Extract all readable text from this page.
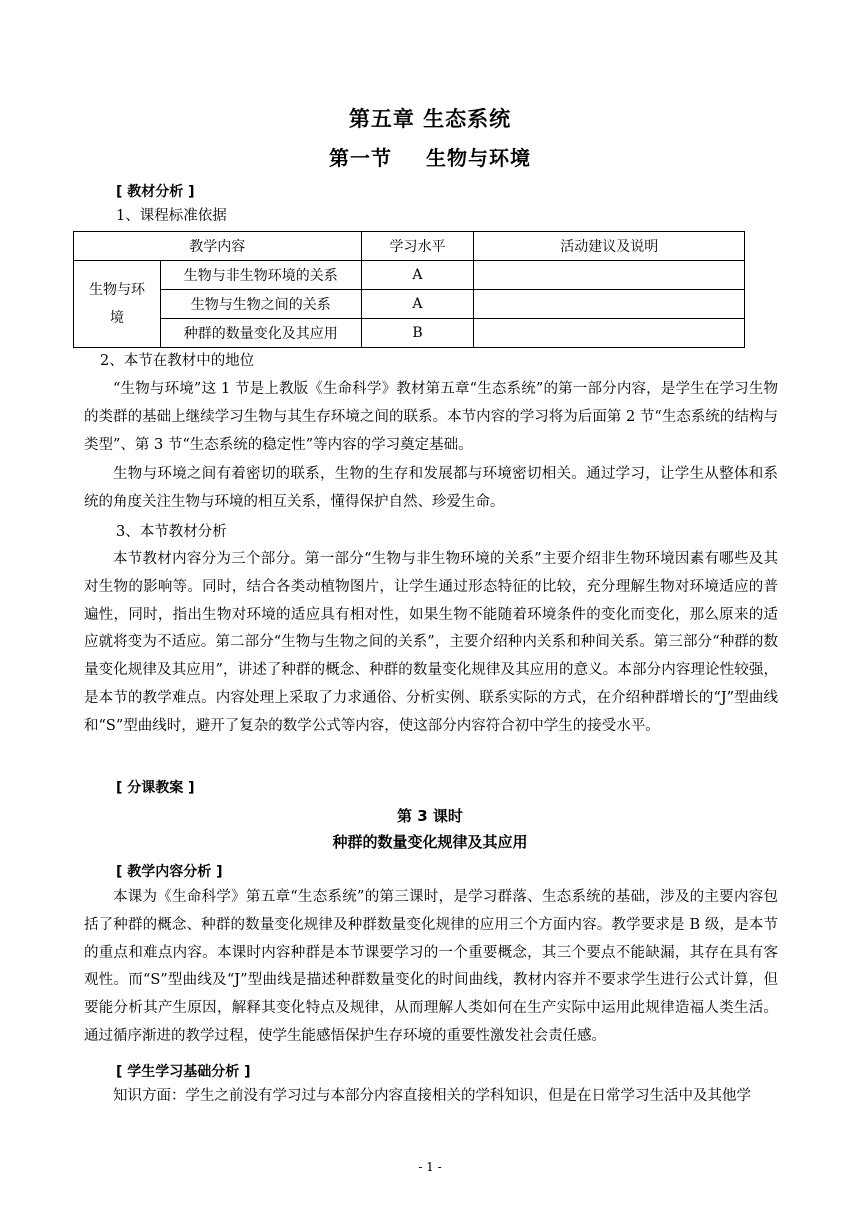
第五章 生态系统
第一节 生物与环境
[ 教材分析 ]
1、课程标准依据
教学内容		学习水平	活动建议及说明
生物与环境	生物与非生物环境的关系	A	
	生物与生物之间的关系	A	
	种群的数量变化及其应用	B	
2、本节在教材中的地位

“生物与环境”这 1 节是上教版《生命科学》教材第五章“生态系统”的第一部分内容，是学生在学习生物的类群的基础上继续学习生物与其生存环境之间的联系。本节内容的学习将为后面第 2 节“生态系统的结构与类型”、第 3 节“生态系统的稳定性”等内容的学习奠定基础。

生物与环境之间有着密切的联系，生物的生存和发展都与环境密切相关。通过学习，让学生从整体和系统的角度关注生物与环境的相互关系，懂得保护自然、珍爱生命。

3、本节教材分析

本节教材内容分为三个部分。第一部分“生物与非生物环境的关系”主要介绍非生物环境因素有哪些及其对生物的影响等。同时，结合各类动植物图片，让学生通过形态特征的比较，充分理解生物对环境适应的普遍性，同时，指出生物对环境的适应具有相对性，如果生物不能随着环境条件的变化而变化，那么原来的适应就将变为不适应。第二部分“生物与生物之间的关系”，主要介绍种内关系和种间关系。第三部分“种群的数量变化规律及其应用”，讲述了种群的概念、种群的数量变化规律及其应用的意义。本部分内容理论性较强，是本节的教学难点。内容处理上采取了力求通俗、分析实例、联系实际的方式，在介绍种群增长的“J”型曲线和“S”型曲线时，避开了复杂的数学公式等内容，使这部分内容符合初中学生的接受水平。

[ 分课教案 ]
第 3 课时
种群的数量变化规律及其应用
[ 教学内容分析 ]

本课为《生命科学》第五章“生态系统”的第三课时，是学习群落、生态系统的基础，涉及的主要内容包括了种群的概念、种群的数量变化规律及种群数量变化规律的应用三个方面内容。教学要求是 B 级，是本节的重点和难点内容。本课时内容种群是本节课要学习的一个重要概念，其三个要点不能缺漏，其存在具有客观性。而“S”型曲线及“J”型曲线是描述种群数量变化的时间曲线，教材内容并不要求学生进行公式计算，但要能分析其产生原因，解释其变化特点及规律，从而理解人类如何在生产实际中运用此规律造福人类生活。通过循序渐进的教学过程，使学生能感悟保护生存环境的重要性激发社会责任感。

[ 学生学习基础分析 ]

知识方面：学生之前没有学习过与本部分内容直接相关的学科知识，但是在日常学习生活中及其他学

- 1 -
